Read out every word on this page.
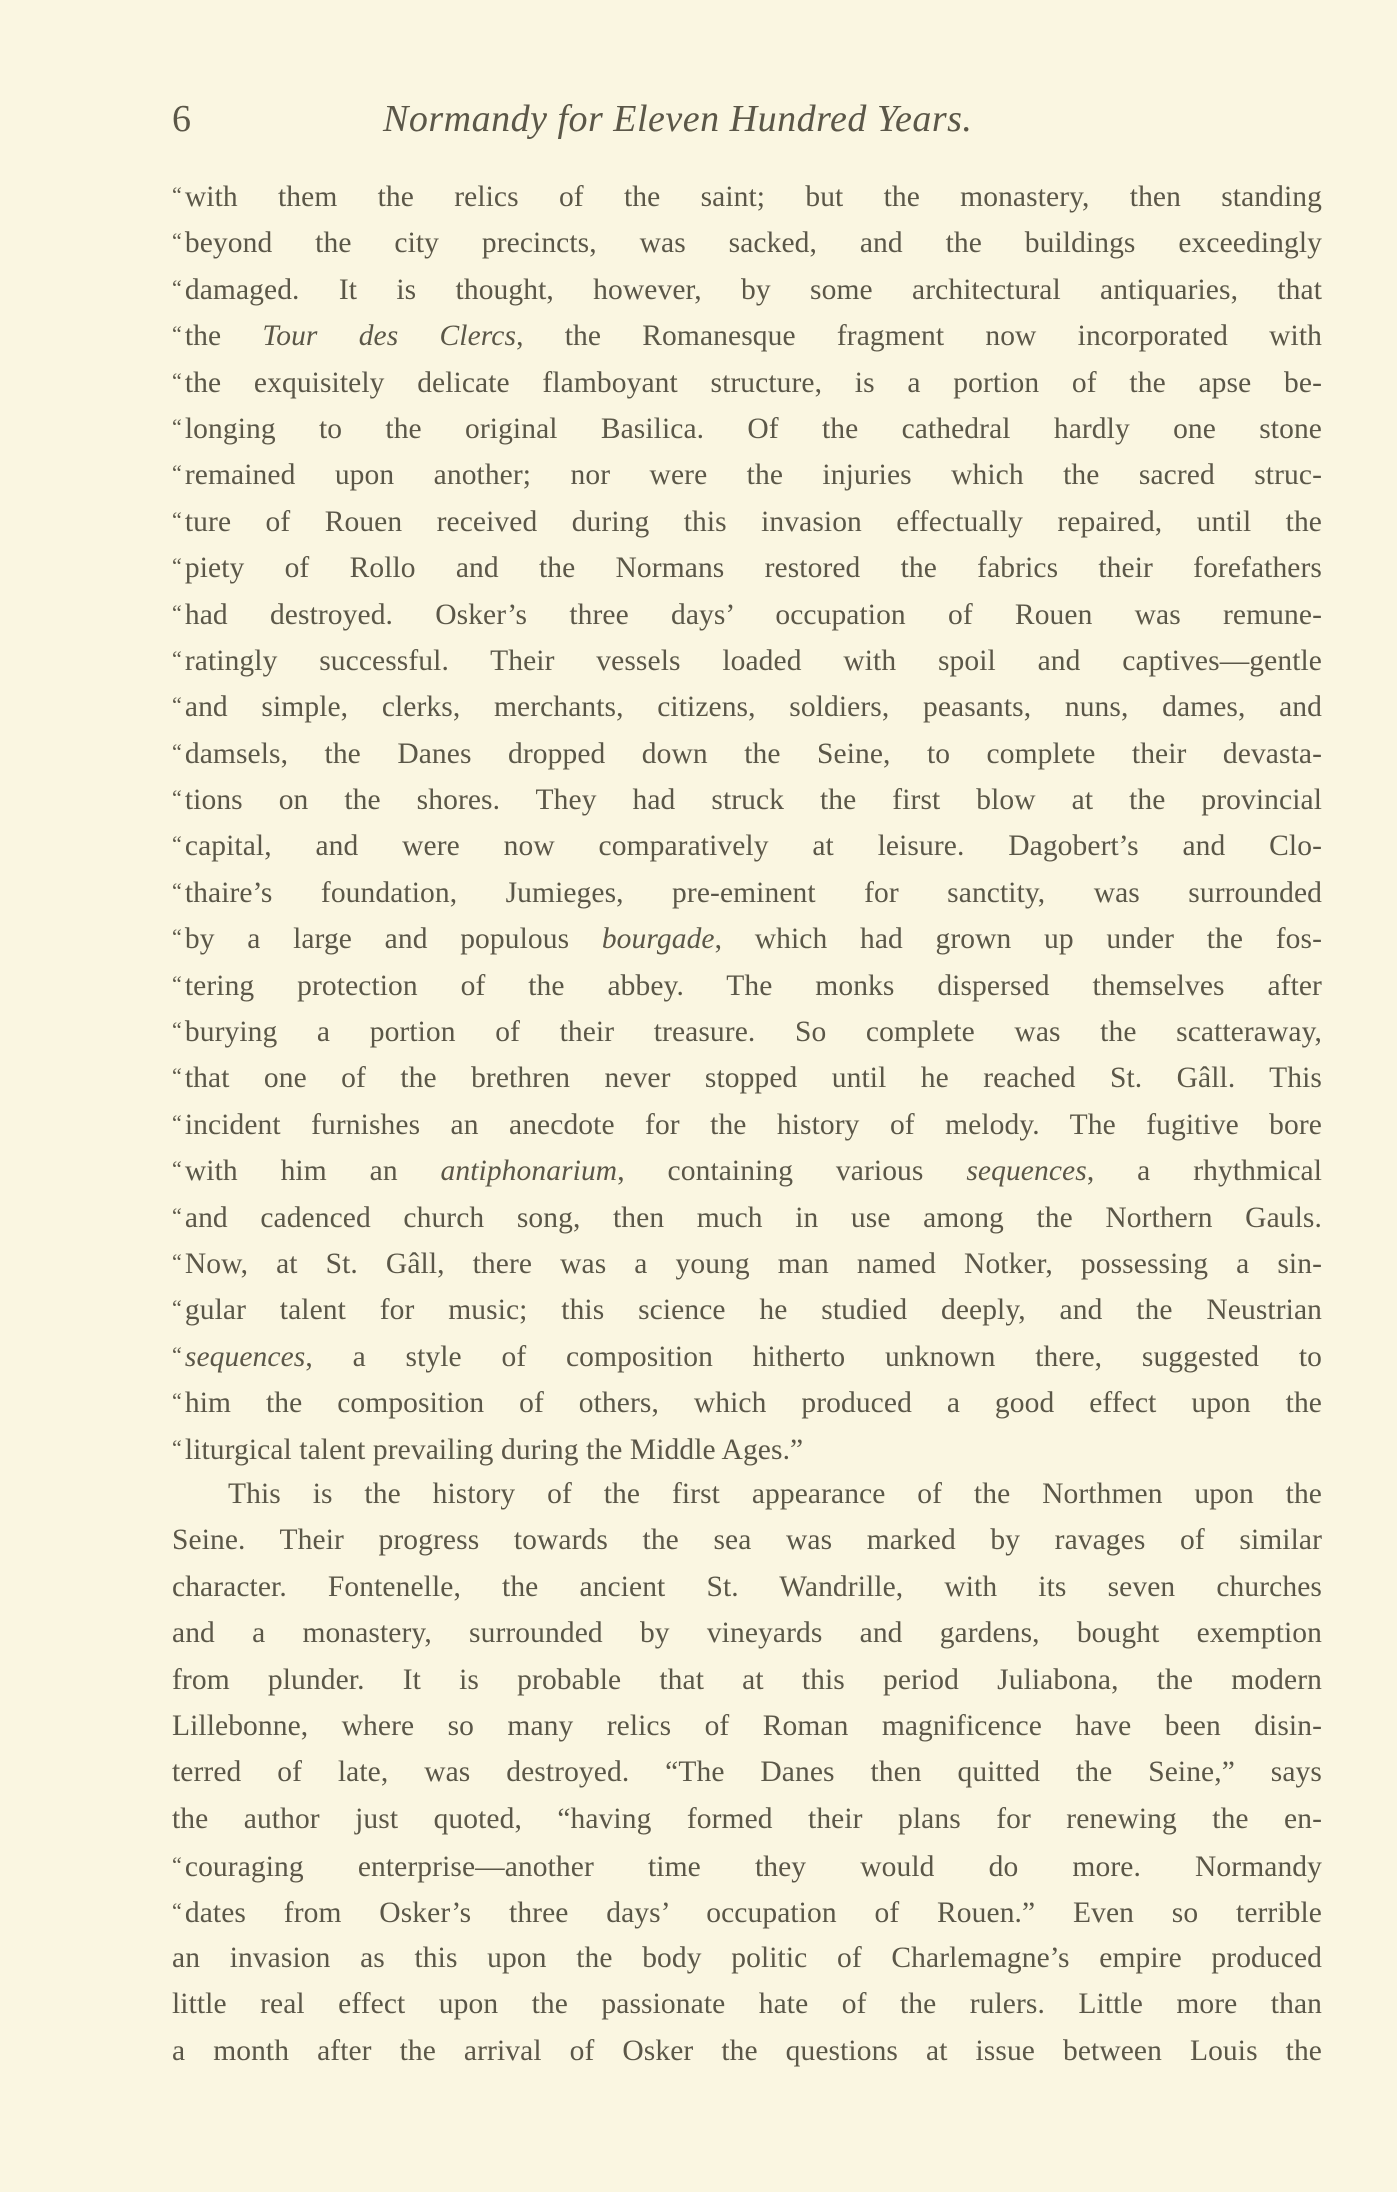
6	Normandy for Eleven Hundred Years.
“ with them the relics of the saint; but the monastery, then standing
“ beyond the city precincts, was sacked, and the buildings exceedingly
“ damaged. It is thought, however, by some architectural antiquaries, that
“ the Tour des Clercs, the Romanesque fragment now incorporated with
“ the exquisitely delicate flamboyant structure, is a portion of the apse be-
“ longing to the original Basilica. Of the cathedral hardly one stone
“ remained upon another; nor were the injuries which the sacred struc-
“ ture of Rouen received during this invasion effectually repaired, until the
“ piety of Rollo and the Normans restored the fabrics their forefathers
“ had destroyed. Osker’s three days’ occupation of Rouen was remune-
“ ratingly successful. Their vessels loaded with spoil and captives—gentle
“ and simple, clerks, merchants, citizens, soldiers, peasants, nuns, dames, and
“ damsels, the Danes dropped down the Seine, to complete their devasta-
“ tions on the shores. They had struck the first blow at the provincial
“ capital, and were now comparatively at leisure. Dagobert’s and Clo-
“ thaire’s foundation, Jumieges, pre-eminent for sanctity, was surrounded
“ by a large and populous bourgade, which had grown up under the fos-
“ tering protection of the abbey. The monks dispersed themselves after
“ burying a portion of their treasure. So complete was the scatteraway,
“ that one of the brethren never stopped until he reached St. Gâll. This
“ incident furnishes an anecdote for the history of melody. The fugitive bore
“ with him an antiphonarium, containing various sequences, a rhythmical
“ and cadenced church song, then much in use among the Northern Gauls.
“ Now, at St. Gâll, there was a young man named Notker, possessing a sin-
“ gular talent for music; this science he studied deeply, and the Neustrian
“ sequences, a style of composition hitherto unknown there, suggested to
“ him the composition of others, which produced a good effect upon the
“ liturgical talent prevailing during the Middle Ages.”
This is the history of the first appearance of the Northmen upon the
Seine. Their progress towards the sea was marked by ravages of similar
character. Fontenelle, the ancient St. Wandrille, with its seven churches
and a monastery, surrounded by vineyards and gardens, bought exemption
from plunder. It is probable that at this period Juliabona, the modern
Lillebonne, where so many relics of Roman magnificence have been disin-
terred of late, was destroyed. “The Danes then quitted the Seine,” says
the author just quoted, “having formed their plans for renewing the en-
“ couraging enterprise—another time they would do more. Normandy
“ dates from Osker’s three days’ occupation of Rouen.” Even so terrible
an invasion as this upon the body politic of Charlemagne’s empire produced
little real effect upon the passionate hate of the rulers. Little more than
a month after the arrival of Osker the questions at issue between Louis the
